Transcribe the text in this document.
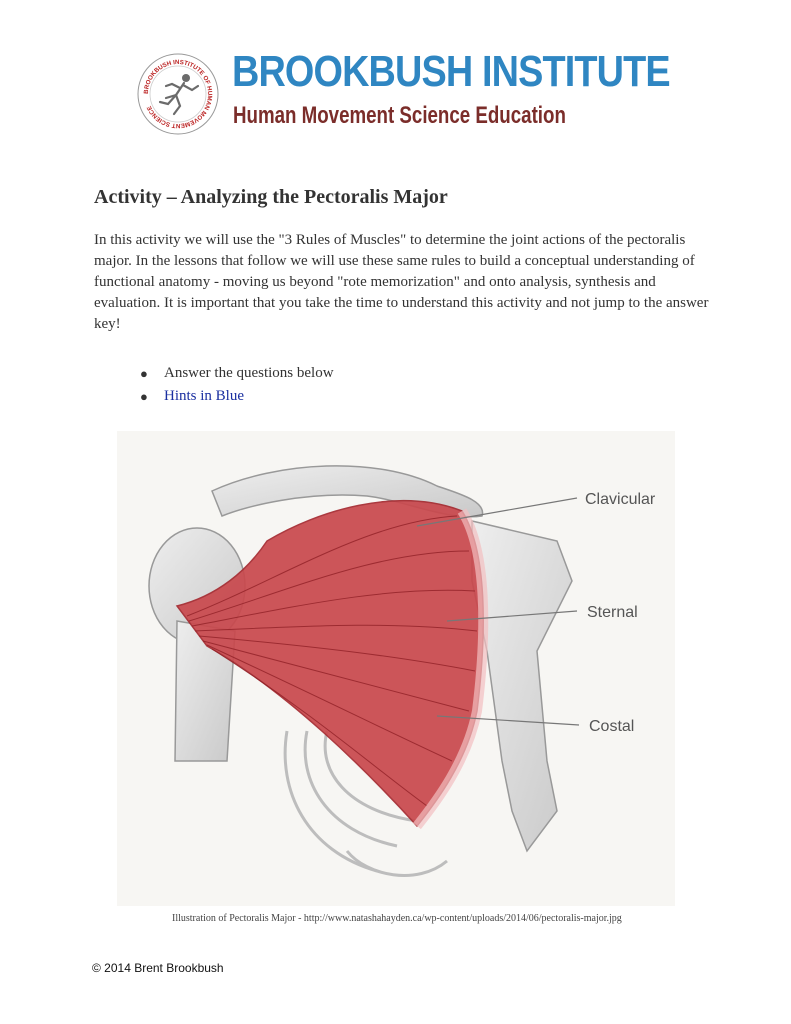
BROOKBUSH INSTITUTE OF HUMAN MOVEMENT SCIENCE
BROOKBUSH INSTITUTE
Human Movement Science Education
Activity – Analyzing the Pectoralis Major

In this activity we will use the "3 Rules of Muscles" to determine the joint actions of the pectoralis major. In the lessons that follow we will use these same rules to build a conceptual understanding of functional anatomy - moving us beyond "rote memorization" and onto analysis, synthesis and evaluation. It is important that you take the time to understand this activity and not jump to the answer key!

● Answer the questions below
● Hints in Blue
Clavicular
Sternal
Costal
Illustration of Pectoralis Major - http://www.natashahayden.ca/wp-content/uploads/2014/06/pectoralis-major.jpg
© 2014 Brent Brookbush
